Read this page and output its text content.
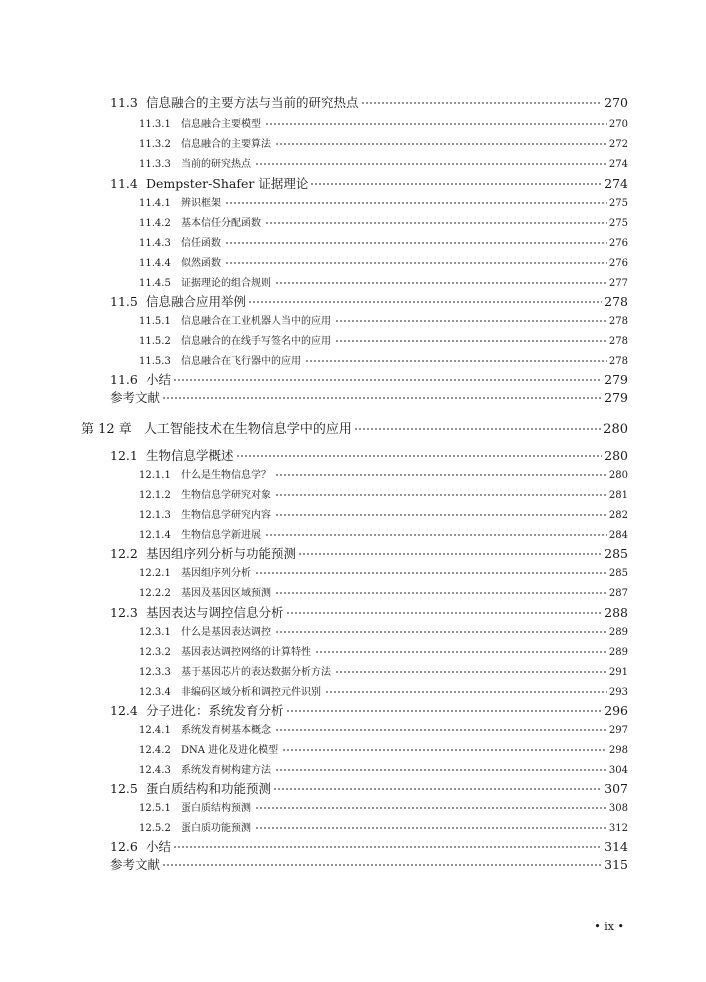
11.3 信息融合的主要方法与当前的研究热点	270
11.3.1	信息融合主要模型	270
11.3.2	信息融合的主要算法	272
11.3.3	当前的研究热点	274
11.4 Dempster-Shafer 证据理论	274
11.4.1	辨识框架	275
11.4.2	基本信任分配函数	275
11.4.3	信任函数	276
11.4.4	似然函数	276
11.4.5	证据理论的组合规则	277
11.5 信息融合应用举例	278
11.5.1	信息融合在工业机器人当中的应用	278
11.5.2	信息融合的在线手写签名中的应用	278
11.5.3	信息融合在飞行器中的应用	278
11.6 小结	279
参考文献	279
第 12 章 人工智能技术在生物信息学中的应用	280
12.1 生物信息学概述	280
12.1.1	什么是生物信息学？	280
12.1.2	生物信息学研究对象	281
12.1.3	生物信息学研究内容	282
12.1.4	生物信息学新进展	284
12.2 基因组序列分析与功能预测	285
12.2.1	基因组序列分析	285
12.2.2	基因及基因区域预测	287
12.3 基因表达与调控信息分析	288
12.3.1	什么是基因表达调控	289
12.3.2	基因表达调控网络的计算特性	289
12.3.3	基于基因芯片的表达数据分析方法	291
12.3.4	非编码区域分析和调控元件识别	293
12.4 分子进化：系统发育分析	296
12.4.1	系统发育树基本概念	297
12.4.2	DNA 进化及进化模型	298
12.4.3	系统发育树构建方法	304
12.5 蛋白质结构和功能预测	307
12.5.1	蛋白质结构预测	308
12.5.2	蛋白质功能预测	312
12.6 小结	314
参考文献	315
• ix •
